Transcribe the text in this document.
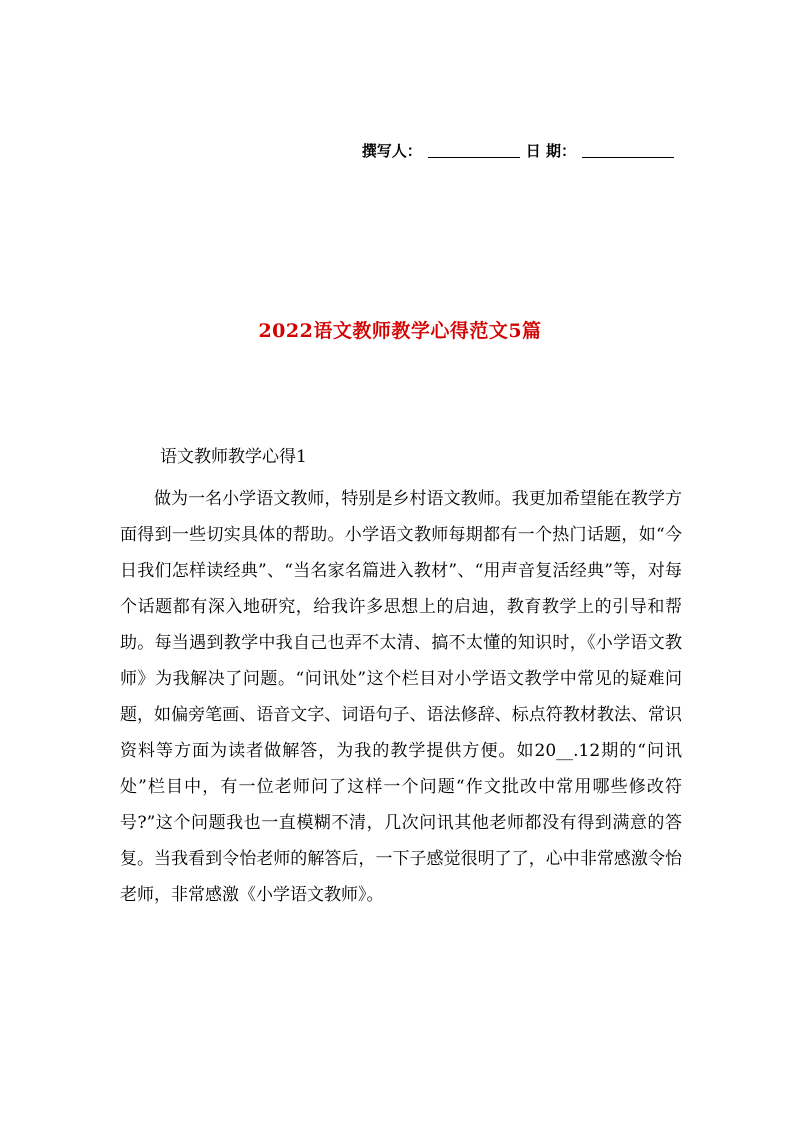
撰写人：	日 期：
2022语文教师教学心得范文5篇
语文教师教学心得1

做为一名小学语文教师，特别是乡村语文教师。我更加希望能在教学方面得到一些切实具体的帮助。小学语文教师每期都有一个热门话题，如“今日我们怎样读经典”、“当名家名篇进入教材”、“用声音复活经典”等，对每个话题都有深入地研究，给我许多思想上的启迪，教育教学上的引导和帮助。每当遇到教学中我自己也弄不太清、搞不太懂的知识时，《小学语文教师》为我解决了问题。“问讯处”这个栏目对小学语文教学中常见的疑难问题，如偏旁笔画、语音文字、词语句子、语法修辞、标点符教材教法、常识资料等方面为读者做解答，为我的教学提供方便。如20__.12期的“问讯处”栏目中，有一位老师问了这样一个问题“作文批改中常用哪些修改符号?”这个问题我也一直模糊不清，几次问讯其他老师都没有得到满意的答复。当我看到令怡老师的解答后，一下子感觉很明了了，心中非常感激令怡老师，非常感激《小学语文教师》。
